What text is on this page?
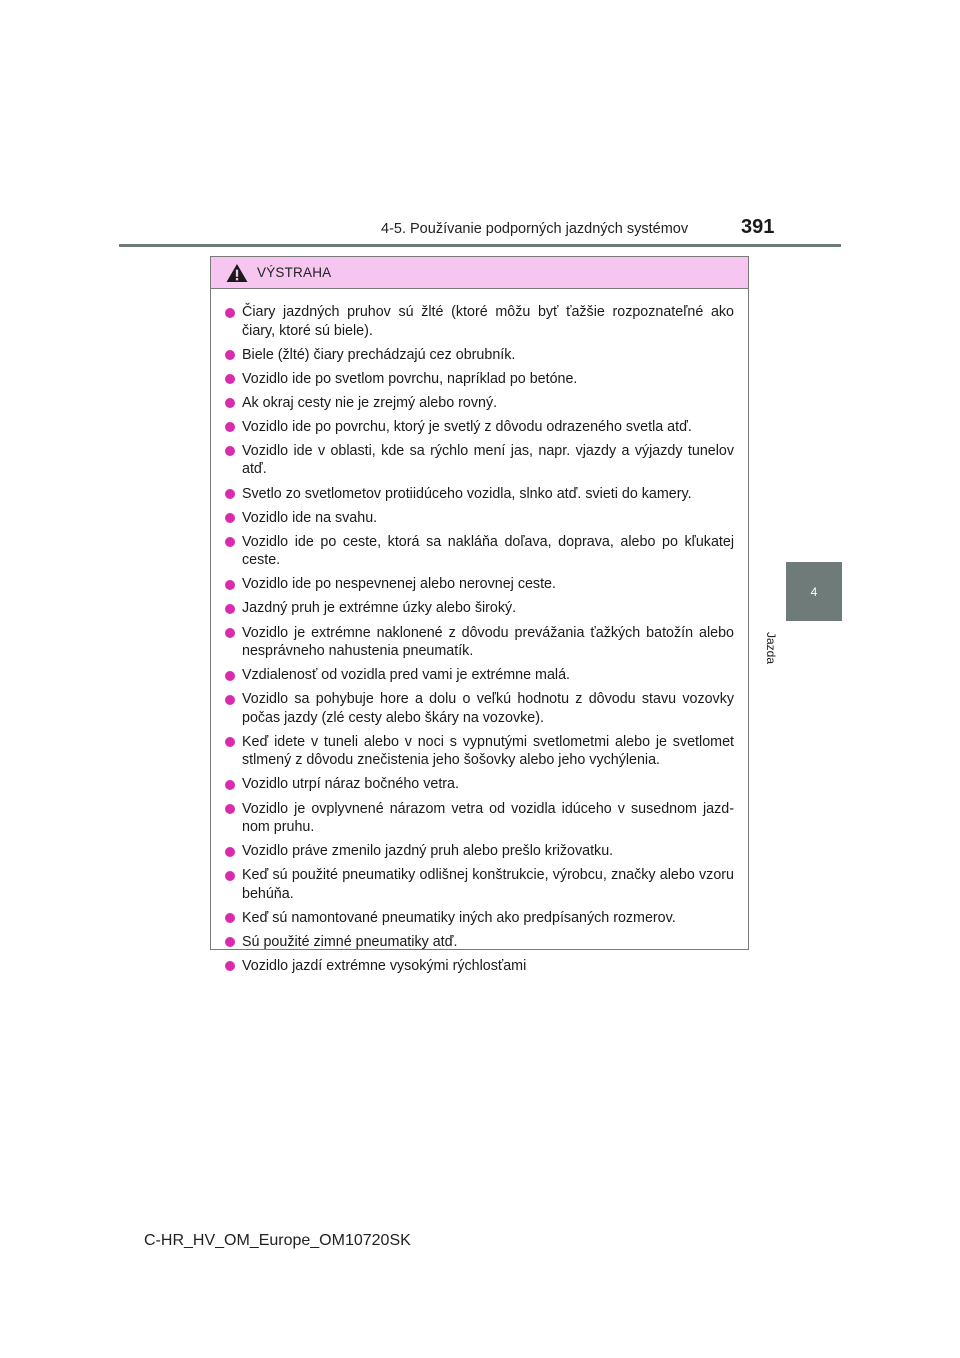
4-5. Používanie podporných jazdných systémov	391
4
Jazda
VÝSTRAHA
Čiary jazdných pruhov sú žlté (ktoré môžu byť ťažšie rozpoznateľné ako čiary, ktoré sú biele).
Biele (žlté) čiary prechádzajú cez obrubník.
Vozidlo ide po svetlom povrchu, napríklad po betóne.
Ak okraj cesty nie je zrejmý alebo rovný.
Vozidlo ide po povrchu, ktorý je svetlý z dôvodu odrazeného svetla atď.
Vozidlo ide v oblasti, kde sa rýchlo mení jas, napr. vjazdy a výjazdy tunelov atď.
Svetlo zo svetlometov protiidúceho vozidla, slnko atď. svieti do kamery.
Vozidlo ide na svahu.
Vozidlo ide po ceste, ktorá sa nakláňa doľava, doprava, alebo po kľukatej ceste.
Vozidlo ide po nespevnenej alebo nerovnej ceste.
Jazdný pruh je extrémne úzky alebo široký.
Vozidlo je extrémne naklonené z dôvodu prevážania ťažkých batožín alebo nesprávneho nahustenia pneumatík.
Vzdialenosť od vozidla pred vami je extrémne malá.
Vozidlo sa pohybuje hore a dolu o veľkú hodnotu z dôvodu stavu vozovky počas jazdy (zlé cesty alebo škáry na vozovke).
Keď idete v tuneli alebo v noci s vypnutými svetlometmi alebo je svetlomet stlmený z dôvodu znečistenia jeho šošovky alebo jeho vychýlenia.
Vozidlo utrpí náraz bočného vetra.
Vozidlo je ovplyvnené nárazom vetra od vozidla idúceho v susednom jazd-nom pruhu.
Vozidlo práve zmenilo jazdný pruh alebo prešlo križovatku.
Keď sú použité pneumatiky odlišnej konštrukcie, výrobcu, značky alebo vzoru behúňa.
Keď sú namontované pneumatiky iných ako predpísaných rozmerov.
Sú použité zimné pneumatiky atď.
Vozidlo jazdí extrémne vysokými rýchlosťami
C-HR_HV_OM_Europe_OM10720SK
